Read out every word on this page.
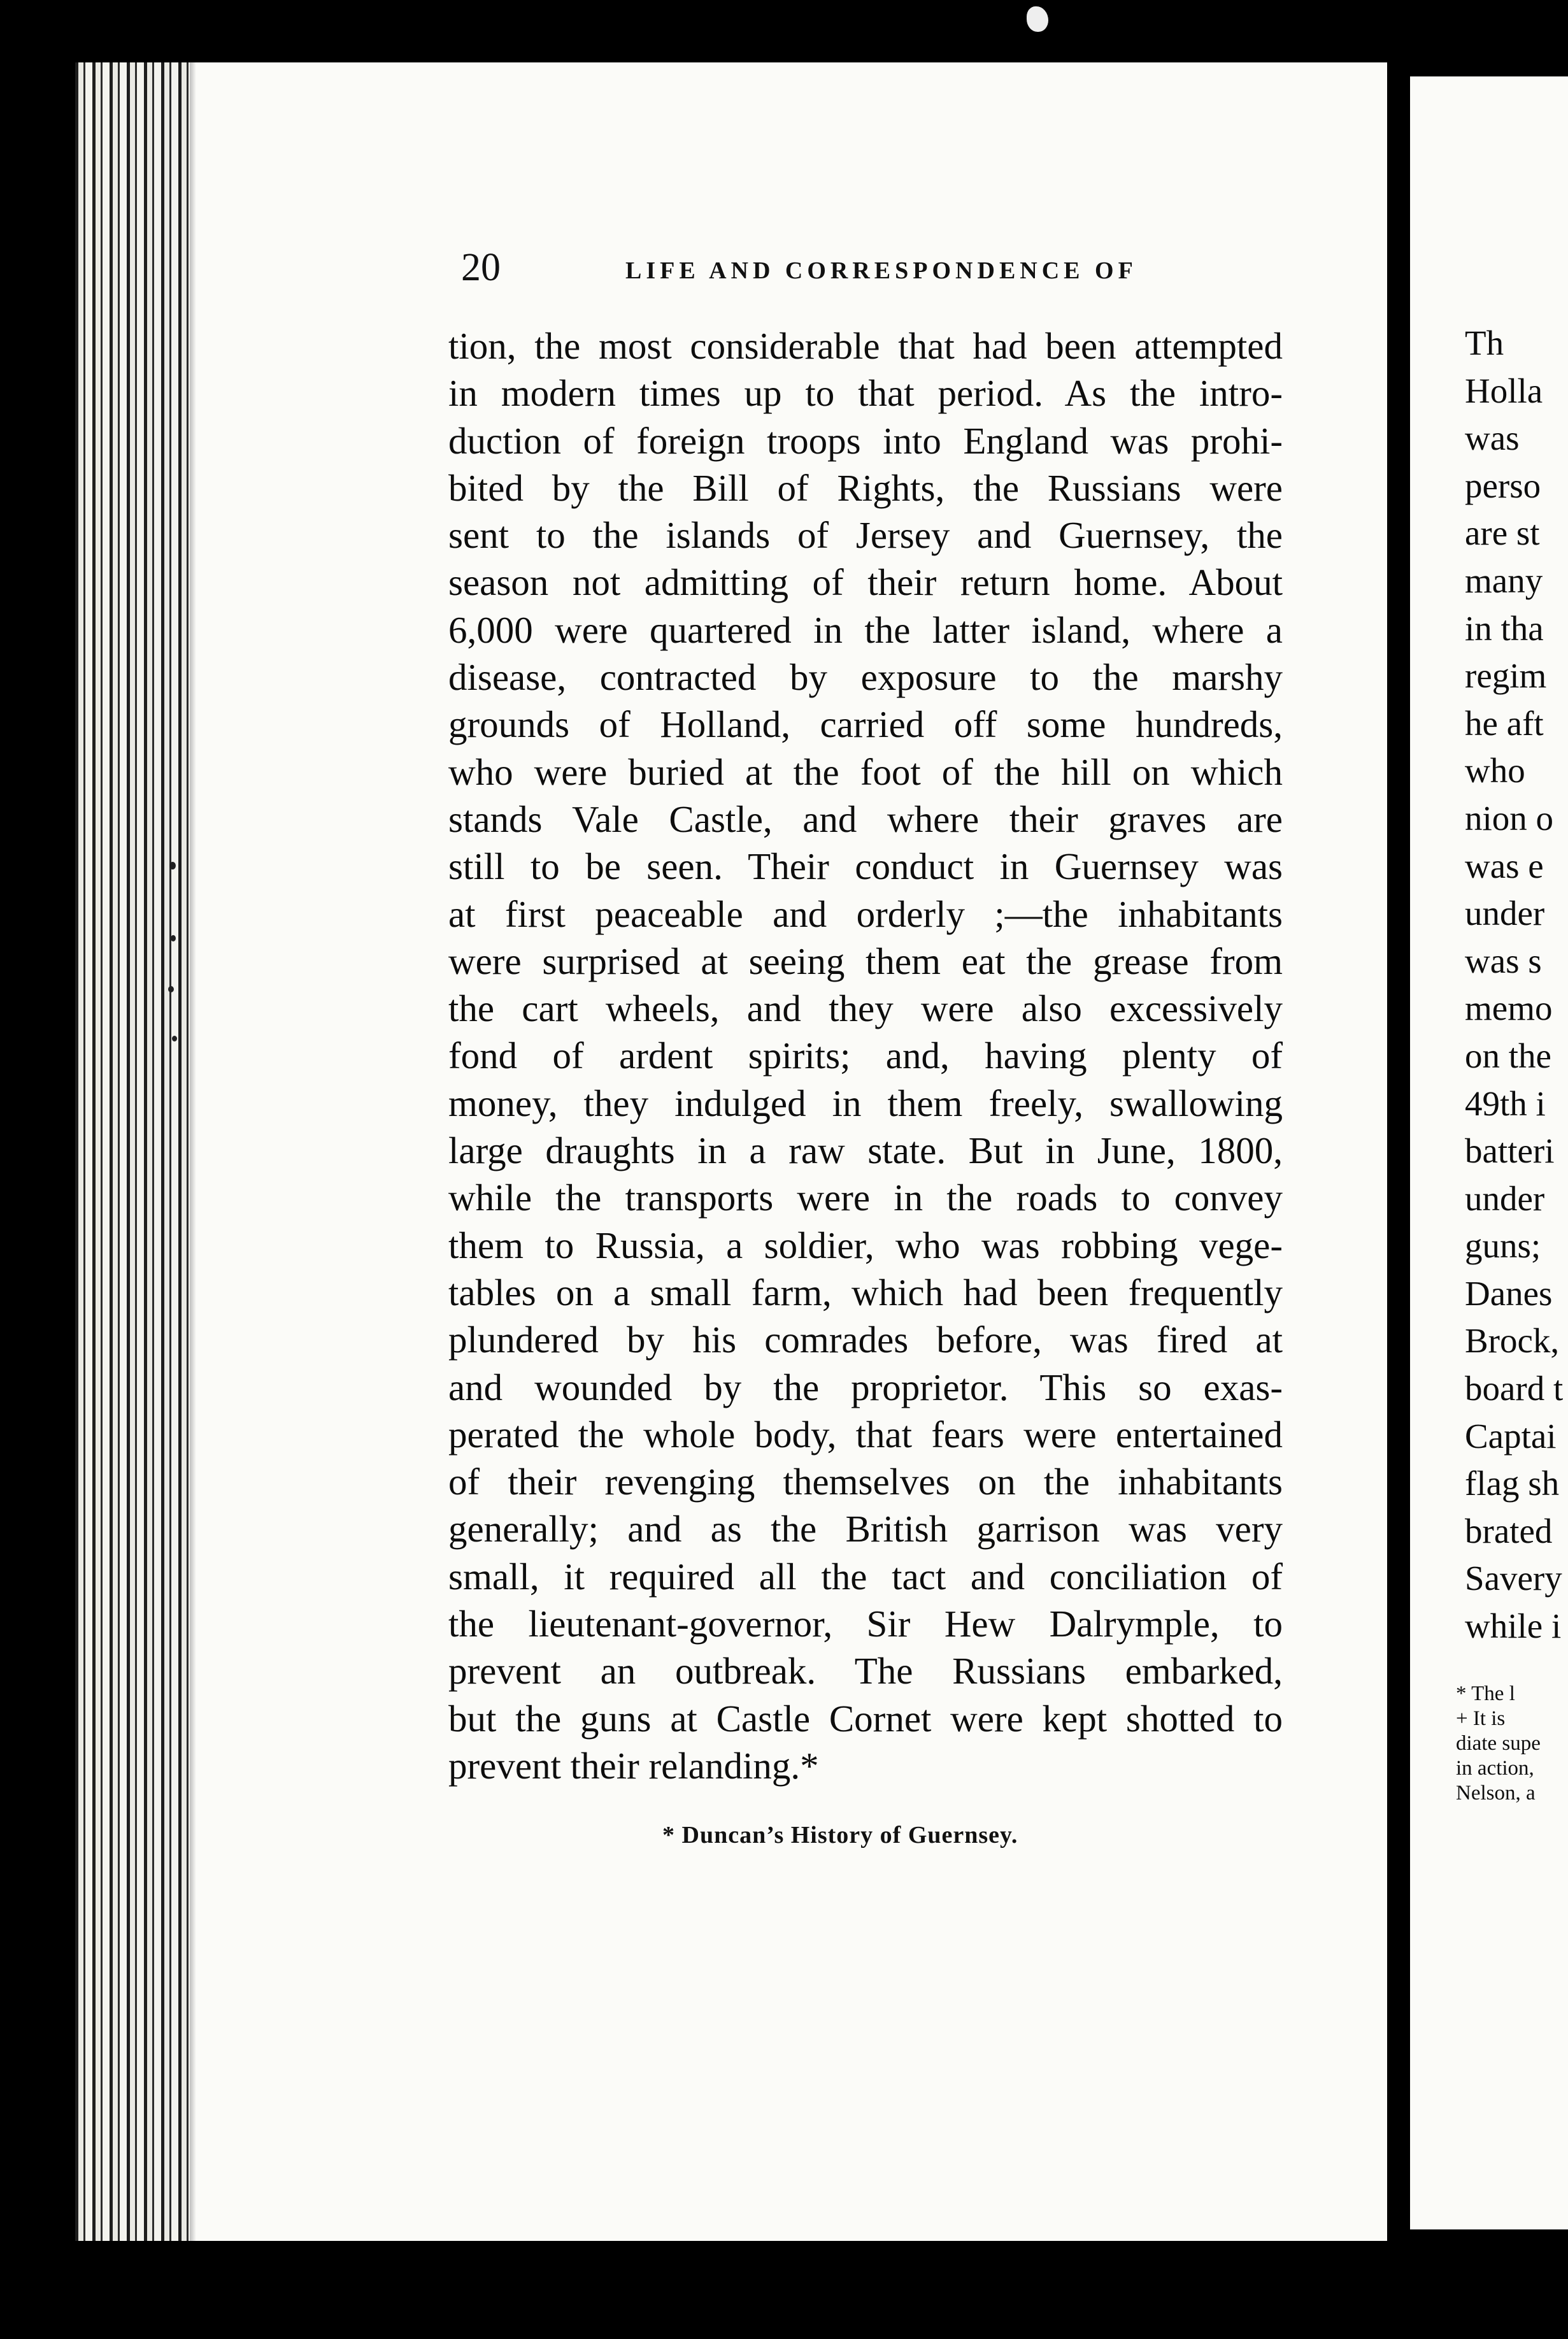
20	LIFE AND CORRESPONDENCE OF
tion, the most considerable that had been attempted
in modern times up to that period. As the intro-
duction of foreign troops into England was prohi-
bited by the Bill of Rights, the Russians were
sent to the islands of Jersey and Guernsey, the
season not admitting of their return home. About
6,000 were quartered in the latter island, where a
disease, contracted by exposure to the marshy
grounds of Holland, carried off some hundreds,
who were buried at the foot of the hill on which
stands Vale Castle, and where their graves are
still to be seen. Their conduct in Guernsey was
at first peaceable and orderly ;—the inhabitants
were surprised at seeing them eat the grease from
the cart wheels, and they were also excessively
fond of ardent spirits; and, having plenty of
money, they indulged in them freely, swallowing
large draughts in a raw state. But in June, 1800,
while the transports were in the roads to convey
them to Russia, a soldier, who was robbing vege-
tables on a small farm, which had been frequently
plundered by his comrades before, was fired at
and wounded by the proprietor. This so exas-
perated the whole body, that fears were entertained
of their revenging themselves on the inhabitants
generally; and as the British garrison was very
small, it required all the tact and conciliation of
the lieutenant-governor, Sir Hew Dalrymple, to
prevent an outbreak. The Russians embarked,
but the guns at Castle Cornet were kept shotted to
prevent their relanding.*
* Duncan’s History of Guernsey.
Th
Holla
was
perso
are st
many
in tha
regim
he aft
who
nion o
was e
under
was s
memo
on the
49th i
batteri
under
guns;
Danes
Brock,
board t
Captai
flag sh
brated
Savery
while i
* The l
+ It is
diate supe
in action,
Nelson, a
